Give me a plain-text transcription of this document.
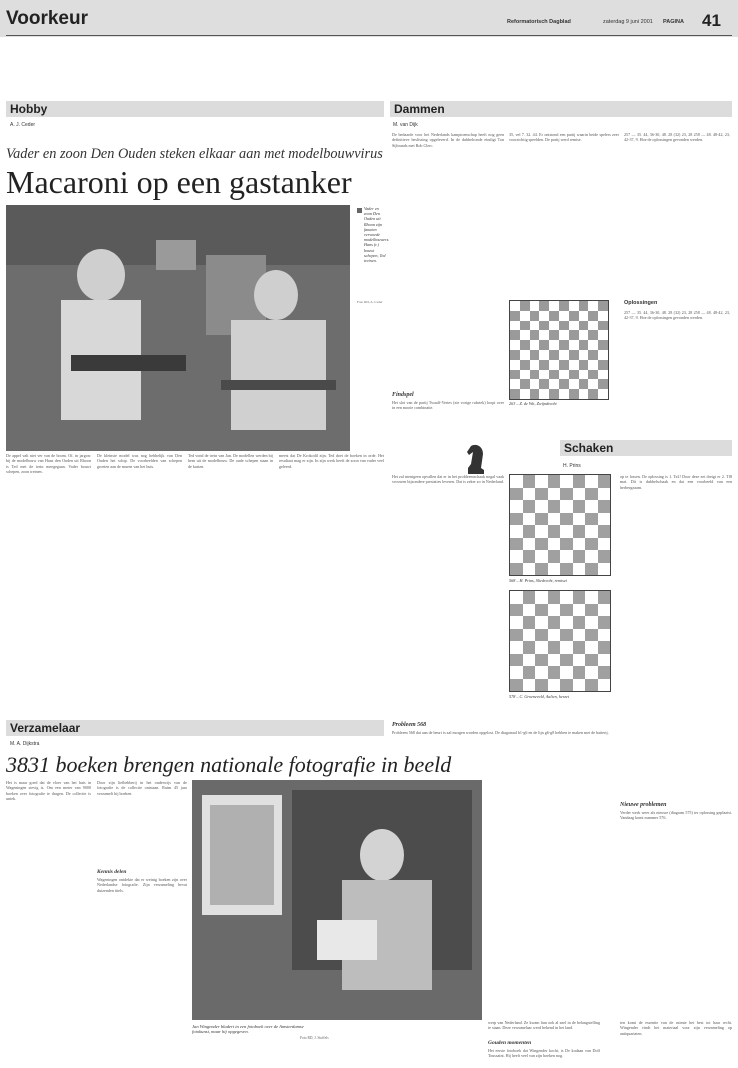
Voorkeur	Reformatorisch Dagblad	zaterdag 9 juni 2001 PAGINA 41
Hobby
A. J. Ceder
Vader en zoon Den Ouden steken elkaar aan met modelbouwvirus
Macaroni op een gastanker
Vader en zoon Den Ouden uit Rhoon zijn fanaten verwoede modelbouwers. Hans (r.) bouwt schepen, Ted treinen.
Foto RD, A. Ceder
De appel valt niet ver van de boom. Of, in jargon: bij de modelbouw van Hans den Ouden uit Rhoon is Ted met de trein meegegaan. Vader bouwt schepen, zoon treinen.
De kleinste model was nog hebbelijk van Den Ouden het schip. De voorbeelden van schepen groeien aan de muren van het huis.
Ted vond de trein van Jan. De modellen werden bij hem uit de modelbouw. De oude schepen staan in de kasten.
meest dat De Krokodil zijn. Ted doet de boeken in orde. Het resultaat mag er zijn. In zijn werk heeft de zoon van vader veel geleerd.
Dammen
M. van Dijk
De bedaarde voor het Nederlands kampioenschap heeft nog geen definitieve beslissing opgeleverd. In de dubbelronde eindigt Ton Sijbrands met Rob Clerc.
35, vel 7. 32. 44. Er ontstond een partij waarin beide spelers zeer voorzichtig speelden. De partij werd remise.
Oplossingen
257 — 35. 44, 36-30, 48. 28 (32) 23, 28 258 — 48. 48-42, 23, 42-37, 9. Hoe de oplossingen gevonden werden.
Findspel
Het slot van de partij Twaalf-Vertes (zie vorige rubriek) loopt over in een mooie combinatie.
263 – Z. de Wit, Zwijndrecht

257 — 35. 44, 36-30, 48. 28 (32) 23, 28 258 — 48. 48-42, 23, 42-37, 9. Hoe de oplossingen gevonden werden.

Schaken
H. Prins
Het zal menigeen opvallen dat er in het probleemschaak nogal vaak vrouwen bijzondere prestaties leveren. Dat is zeker zo in Nederland.
568 – H. Prins, Sliedrecht, remiset
578 – C. Groeneveld, Aalten, herzet
op te lossen. De oplossing is 1. Te2! Door deze zet dreigt er 2. Tf8 mat. Dit is dubbelschaak en dat een voorbeeld van een herbergzaam.
Probleem 568
Probleem 568 dat aan de beurt is zal morgen worden opgelost. De diagonaal b1-g6 en de lijn g6-g8 hebben te maken met de batterij.
Nieuwe problemen
Verder werk weer als nieuwe (diagram 575) ter oplossing geplaatst. Vandaag komt nummer 576.
Verzamelaar
M. A. Dijkstra
3831 boeken brengen nationale fotografie in beeld
Het is maar goed dat de vloer van het huis in Wageningen stevig is. Om een meter van 9000 boeken over fotografie te dragen. De collectie is uniek.
Door zijn liefhebberij in het onderwijs van de fotografie is de collectie ontstaan. Ruim 45 jaar verzamelt hij boeken.
Kennis delen
Wageningen ontdekte dat er weinig boeken zijn over Nederlandse fotografie. Zijn verzameling bevat duizenden titels.
Jan Wingender bladert in een fotoboek over de Amsterdamse fotokunst, maar hij opgegeven.
Foto RD, J. Stoffels
werp van Nederland. Ze kwam hun ook al snel in de belangstelling te staan. Deze verzamelaar werd bekend in het land.
Gouden momenten
Het eerste fotoboek dat Wingender kocht, is De kodaan van Dolf Toussaint. Hij heeft veel van zijn boeken nog.
ten komt de essentie van de ruimte het best tot haar recht. Wingender vindt het materiaal voor zijn verzameling op antiquariaten.
